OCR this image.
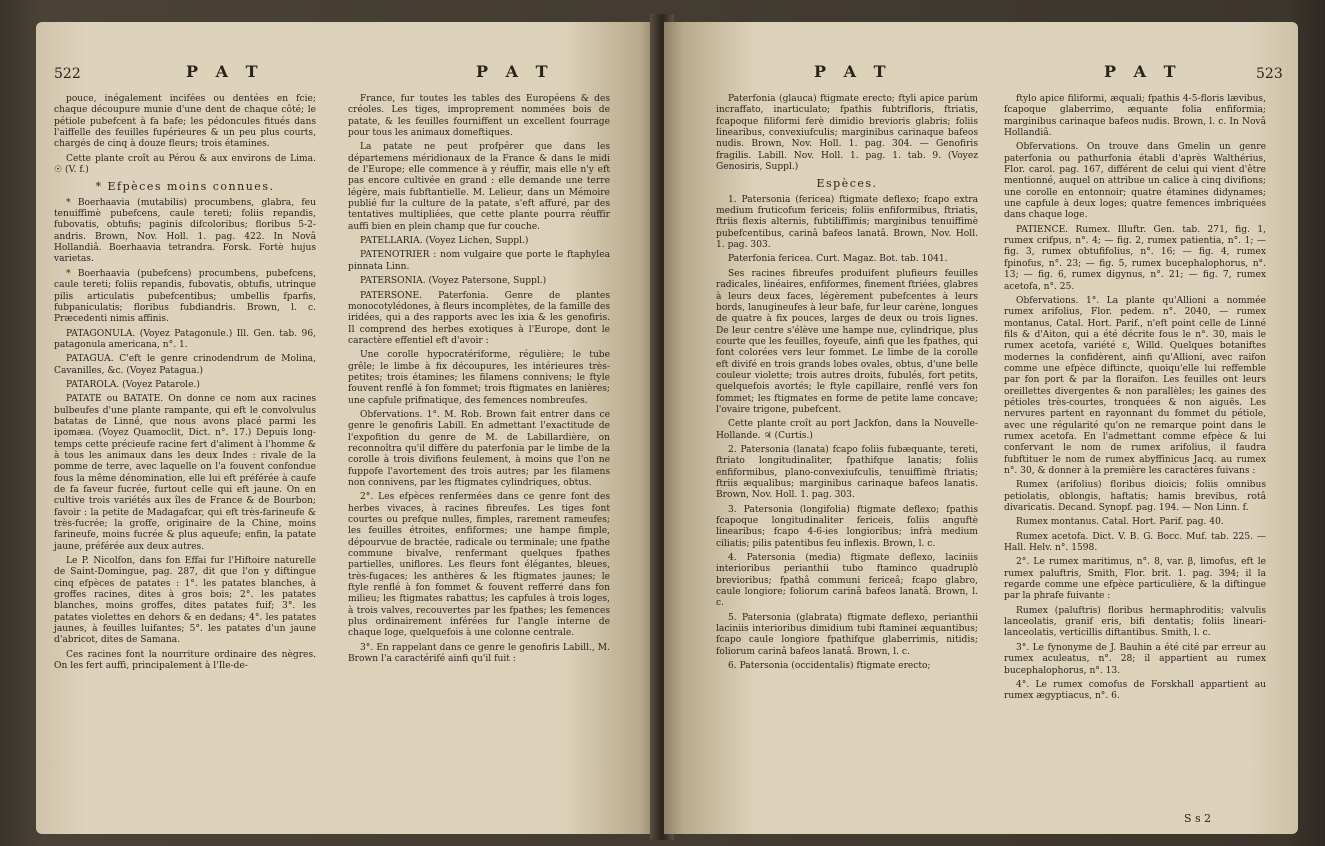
522	P A T	P A T

pouce, inégalement incifées ou dentées en fcie; chaque découpure munie d'une dent de chaque côté; le pétiole pubefcent à fa bafe; les pédoncules fitués dans l'aiffelle des feuilles fupérieures & un peu plus courts, chargés de cinq à douze fleurs; trois étamines.

Cette plante croît au Pérou & aux environs de Lima. ☉ (V. f.)

* Efpèces moins connues.

* Boerhaavia (mutabilis) procumbens, glabra, feu tenuiffimè pubefcens, caule tereti; foliis repandis, fubovatis, obtufis; paginis difcoloribus; floribus 5-2-andris. Brown, Nov. Holl. 1. pag. 422. In Novâ Hollandiâ. Boerhaavia tetrandra. Forsk. Fortè hujus varietas.

* Boerhaavia (pubefcens) procumbens, pubefcens, caule tereti; foliis repandis, fubovatis, obtufis, utrinque pilis articulatis pubefcentibus; umbellis fparfis, fubpaniculatis; floribus fubdiandris. Brown, l. c. Præcedenti nimis affinis.

PATAGONULA. (Voyez Patagonule.) Ill. Gen. tab. 96, patagonula americana, n°. 1.

PATAGUA. C'eft le genre crinodendrum de Molina, Cavanilles, &c. (Voyez Patagua.)

PATAROLA. (Voyez Patarole.)

PATATE ou BATATE. On donne ce nom aux racines bulbeufes d'une plante rampante, qui eft le convolvulus batatas de Linné, que nous avons placé parmi les ipomæa. (Voyez Quamoclit, Dict. n°. 17.) Depuis long-temps cette précieufe racine fert d'aliment à l'homme & à tous les animaux dans les deux Indes : rivale de la pomme de terre, avec laquelle on l'a fouvent confondue fous la même dénomination, elle lui eft préférée à caufe de fa faveur fucrée, furtout celle qui eft jaune. On en cultive trois variétés aux îles de France & de Bourbon; favoir : la petite de Madagafcar, qui eft très-farineufe & très-fucrée; la groffe, originaire de la Chine, moins farineufe, moins fucrée & plus aqueufe; enfin, la patate jaune, préférée aux deux autres.

Le P. Nicolfon, dans fon Effai fur l'Hiftoire naturelle de Saint-Domingue, pag. 287, dit que l'on y diftingue cinq efpèces de patates : 1°. les patates blanches, à groffes racines, dites à gros bois; 2°. les patates blanches, moins groffes, dites patates fuif; 3°. les patates violettes en dehors & en dedans; 4°. les patates jaunes, à feuilles luifantes; 5°. les patates d'un jaune d'abricot, dites de Samana.

Ces racines font la nourriture ordinaire des nègres. On les fert auffi, principalement à l'Ile-de-

France, fur toutes les tables des Européens & des créoles. Les tiges, improprement nommées bois de patate, & les feuilles fourniffent un excellent fourrage pour tous les animaux domeftiques.

La patate ne peut profpérer que dans les départemens méridionaux de la France & dans le midi de l'Europe; elle commence à y réuffir, mais elle n'y eft pas encore cultivée en grand : elle demande une terre légère, mais fubftantielle. M. Lelieur, dans un Mémoire publié fur la culture de la patate, s'eft affuré, par des tentatives multipliées, que cette plante pourra réuffir auffi bien en plein champ que fur couche.

PATELLARIA. (Voyez Lichen, Suppl.)

PATENOTRIER : nom vulgaire que porte le ftaphylea pinnata Linn.

PATERSONIA. (Voyez Patersone, Suppl.)

PATERSONE. Paterfonia. Genre de plantes monocotylédones, à fleurs incomplètes, de la famille des iridées, qui a des rapports avec les ixia & les genofiris. Il comprend des herbes exotiques à l'Europe, dont le caractère effentiel eft d'avoir :

Une corolle hypocratériforme, régulière; le tube grêle; le limbe à fix découpures, les intérieures très-petites; trois étamines; les filamens connivens; le ftyle fouvent renflé à fon fommet; trois ftigmates en lanières; une capfule prifmatique, des femences nombreufes.

Obfervations. 1°. M. Rob. Brown fait entrer dans ce genre le genofiris Labill. En admettant l'exactitude de l'expofition du genre de M. de Labillardière, on reconnoîtra qu'il diffère du paterfonia par le limbe de la corolle à trois divifions feulement, à moins que l'on ne fuppofe l'avortement des trois autres; par les filamens non connivens, par les ftigmates cylindriques, obtus.

2°. Les efpèces renfermées dans ce genre font des herbes vivaces, à racines fibreufes. Les tiges font courtes ou prefque nulles, fimples, rarement rameufes; les feuilles étroites, enfiformes; une hampe fimple, dépourvue de bractée, radicale ou terminale; une fpathe commune bivalve, renfermant quelques fpathes partielles, uniflores. Les fleurs font élégantes, bleues, très-fugaces; les anthères & les ftigmates jaunes; le ftyle renflé à fon fommet & fouvent refferré dans fon milieu; les ftigmates rabattus; les capfules à trois loges, à trois valves, recouvertes par les fpathes; les femences plus ordinairement inférées fur l'angle interne de chaque loge, quelquefois à une colonne centrale.

3°. En rappelant dans ce genre le genofiris Labill., M. Brown l'a caractérifé ainfi qu'il fuit :

P A T	P A T	523

Paterfonia (glauca) ftigmate erecto; ftyli apice parùm incraffato, inarticulato; fpathis fubtrifloris, ftriatis, fcapoque filiformi ferè dimidio brevioris glabris; foliis linearibus, convexiufculis; marginibus carinaque bafeos nudis. Brown, Nov. Holl. 1. pag. 304. — Genofiris fragilis. Labill. Nov. Holl. 1. pag. 1. tab. 9. (Voyez Genosiris, Suppl.)

Espèces.

1. Patersonia (fericea) ftigmate deflexo; fcapo extra medium fruticofum fericeis; foliis enfiformibus, ftriatis, ftriis flexis alternis, fubtiliffimis; marginibus tenuiffimè pubefcentibus, carinâ bafeos lanatâ. Brown, Nov. Holl. 1. pag. 303.

Paterfonia fericea. Curt. Magaz. Bot. tab. 1041.

Ses racines fibreufes produifent plufieurs feuilles radicales, linéaires, enfiformes, finement ftriées, glabres à leurs deux faces, légèrement pubefcentes à leurs bords, lanugineufes à leur bafe, fur leur carène, longues de quatre à fix pouces, larges de deux ou trois lignes. De leur centre s'élève une hampe nue, cylindrique, plus courte que les feuilles, foyeufe, ainfi que les fpathes, qui font colorées vers leur fommet. Le limbe de la corolle eft divifé en trois grands lobes ovales, obtus, d'une belle couleur violette; trois autres droits, fubulés, fort petits, quelquefois avortés; le ftyle capillaire, renflé vers fon fommet; les ftigmates en forme de petite lame concave; l'ovaire trigone, pubefcent.

Cette plante croît au port Jackfon, dans la Nouvelle-Hollande. ♃ (Curtis.)

2. Patersonia (lanata) fcapo foliis fubæquante, tereti, ftriato longitudinaliter, fpathifque lanatis; foliis enfiformibus, plano-convexiufculis, tenuiffimè ftriatis; ftriis æqualibus; marginibus carinaque bafeos lanatis. Brown, Nov. Holl. 1. pag. 303.

3. Patersonia (longifolia) ftigmate deflexo; fpathis fcapoque longitudinaliter fericeis, foliis anguftè linearibus; fcapo 4-6-ies longioribus; infrà medium ciliatis; pilis patentibus feu inflexis. Brown, l. c.

4. Patersonia (media) ftigmate deflexo, laciniis interioribus perianthii tubo ftaminco quadruplò brevioribus; fpathâ communi fericeâ; fcapo glabro, caule longiore; foliorum carinâ bafeos lanatâ. Brown, l. c.

5. Patersonia (glabrata) ftigmate deflexo, perianthii laciniis interioribus dimidium tubi ftaminei æquantibus; fcapo caule longiore fpathifque glaberrimis, nitidis; foliorum carinâ bafeos lanatâ. Brown, l. c.

6. Patersonia (occidentalis) ftigmate erecto;

ftylo apice filiformi, æquali; fpathis 4-5-floris lævibus, fcapoque glaberrimo, æquante folia enfiformia; marginibus carinaque bafeos nudis. Brown, l. c. In Novâ Hollandiâ.

Obfervations. On trouve dans Gmelin un genre paterfonia ou pathurfonia établi d'après Walthérius, Flor. carol. pag. 167, différent de celui qui vient d'être mentionné, auquel on attribue un calice à cinq divifions; une corolle en entonnoir; quatre étamines didynames; une capfule à deux loges; quatre femences imbriquées dans chaque loge.

PATIENCE. Rumex. Illuftr. Gen. tab. 271, fig. 1, rumex crifpus, n°. 4; — fig. 2, rumex patientia, n°. 1; — fig. 3, rumex obtufifolius, n°. 16; — fig. 4, rumex fpinofus, n°. 23; — fig. 5, rumex bucephalophorus, n°. 13; — fig. 6, rumex digynus, n°. 21; — fig. 7, rumex acetofa, n°. 25.

Obfervations. 1°. La plante qu'Allioni a nommée rumex arifolius, Flor. pedem. n°. 2040, — rumex montanus, Catal. Hort. Parif., n'eft point celle de Linné fils & d'Aiton, qui a été décrite fous le n°. 30, mais le rumex acetofa, variété ε, Willd. Quelques botaniftes modernes la confidèrent, ainfi qu'Allioni, avec raifon comme une efpèce diftincte, quoiqu'elle lui reffemble par fon port & par la floraifon. Les feuilles ont leurs oreillettes divergentes & non parallèles; les gaines des pétioles très-courtes, tronquées & non aiguës. Les nervures partent en rayonnant du fommet du pétiole, avec une régularité qu'on ne remarque point dans le rumex acetofa. En l'admettant comme efpèce & lui confervant le nom de rumex arifolius, il faudra fubftituer le nom de rumex abyffinicus Jacq. au rumex n°. 30, & donner à la première les caractères fuivans :

Rumex (arifolius) floribus dioicis; foliis omnibus petiolatis, oblongis, haftatis; hamis brevibus, rotâ divaricatis. Decand. Synopf. pag. 194. — Non Linn. f.

Rumex montanus. Catal. Hort. Parif. pag. 40.

Rumex acetofa. Dict. V. B. G. Bocc. Muf. tab. 225. — Hall. Helv. n°. 1598.

2°. Le rumex maritimus, n°. 8, var. β, limofus, eft le rumex paluftris, Smith, Flor. brit. 1. pag. 394; il la regarde comme une efpèce particulière, & la diftingue par la phrafe fuivante :

Rumex (paluftris) floribus hermaphroditis; valvulis lanceolatis, granif eris, bifi dentatis; foliis lineari-lanceolatis, verticillis diftantibus. Smith, l. c.

3°. Le fynonyme de J. Bauhin a été cité par erreur au rumex aculeatus, n°. 28; il appartient au rumex bucephalophorus, n°. 13.

4°. Le rumex comofus de Forskhall appartient au rumex ægyptiacus, n°. 6.

S s 2
